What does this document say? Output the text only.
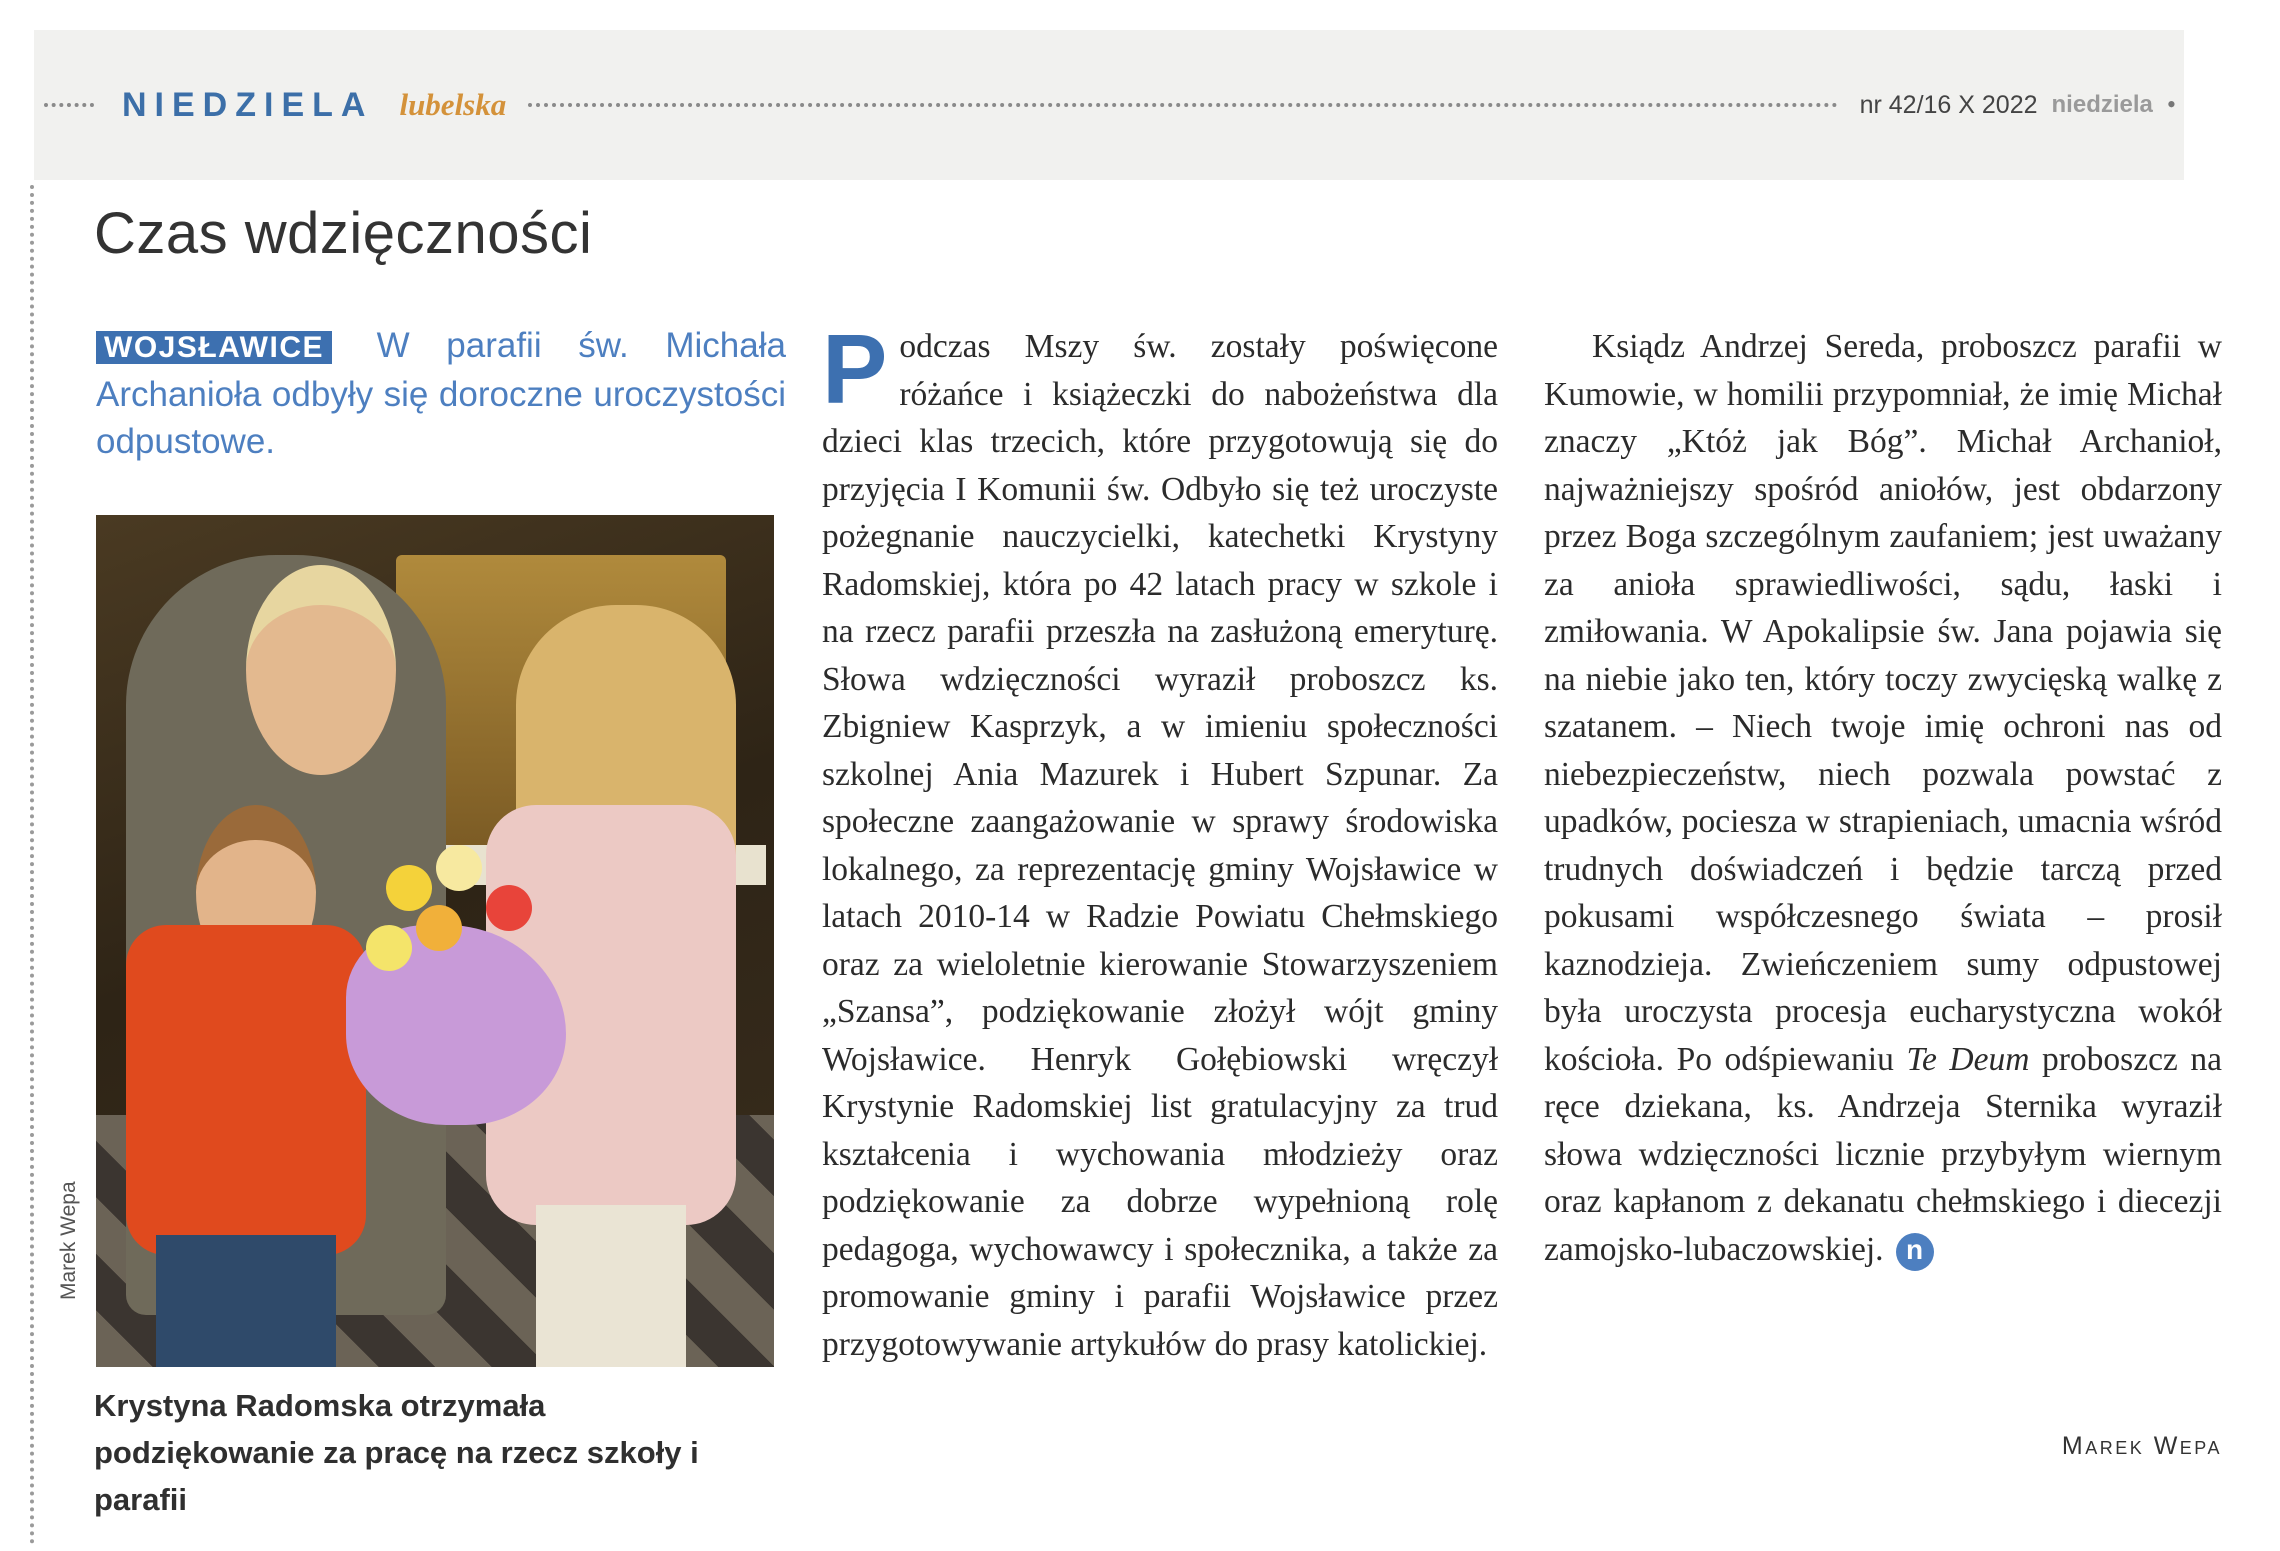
NIEDZIELA lubelska	nr 42/16 X 2022 niedziela •
Czas wdzięczności
WOJSŁAWICE W parafii św. Michała Archanioła odbyły się doroczne uroczystości odpustowe.
Marek Wepa
Krystyna Radomska otrzymała podziękowanie za pracę na rzecz szkoły i parafii
Podczas Mszy św. zostały poświęcone różańce i książeczki do nabożeństwa dla dzieci klas trzecich, które przygotowują się do przyjęcia I Komunii św. Odbyło się też uroczyste pożegnanie nauczycielki, katechetki Krystyny Radomskiej, która po 42 latach pracy w szkole i na rzecz parafii przeszła na zasłużoną emeryturę. Słowa wdzięczności wyraził proboszcz ks. Zbigniew Kasprzyk, a w imieniu społeczności szkolnej Ania Mazurek i Hubert Szpunar. Za społeczne zaangażowanie w sprawy środowiska lokalnego, za reprezentację gminy Wojsławice w latach 2010-14 w Radzie Powiatu Chełmskiego oraz za wieloletnie kierowanie Stowarzyszeniem „Szansa”, podziękowanie złożył wójt gminy Wojsławice. Henryk Gołębiowski wręczył Krystynie Radomskiej list gratulacyjny za trud kształcenia i wychowania młodzieży oraz podziękowanie za dobrze wypełnioną rolę pedagoga, wychowawcy i społecznika, a także za promowanie gminy i parafii Wojsławice przez przygotowywanie artykułów do prasy katolickiej.
Ksiądz Andrzej Sereda, proboszcz parafii w Kumowie, w homilii przypomniał, że imię Michał znaczy „Któż jak Bóg”. Michał Archanioł, najważniejszy spośród aniołów, jest obdarzony przez Boga szczególnym zaufaniem; jest uważany za anioła sprawiedliwości, sądu, łaski i zmiłowania. W Apokalipsie św. Jana pojawia się na niebie jako ten, który toczy zwycięską walkę z szatanem. – Niech twoje imię ochroni nas od niebezpieczeństw, niech pozwala powstać z upadków, pociesza w strapieniach, umacnia wśród trudnych doświadczeń i będzie tarczą przed pokusami współczesnego świata – prosił kaznodzieja. Zwieńczeniem sumy odpustowej była uroczysta procesja eucharystyczna wokół kościoła. Po odśpiewaniu Te Deum proboszcz na ręce dziekana, ks. Andrzeja Sternika wyraził słowa wdzięczności licznie przybyłym wiernym oraz kapłanom z dekanatu chełmskiego i diecezji zamojsko-lubaczowskiej. n
Marek Wepa
